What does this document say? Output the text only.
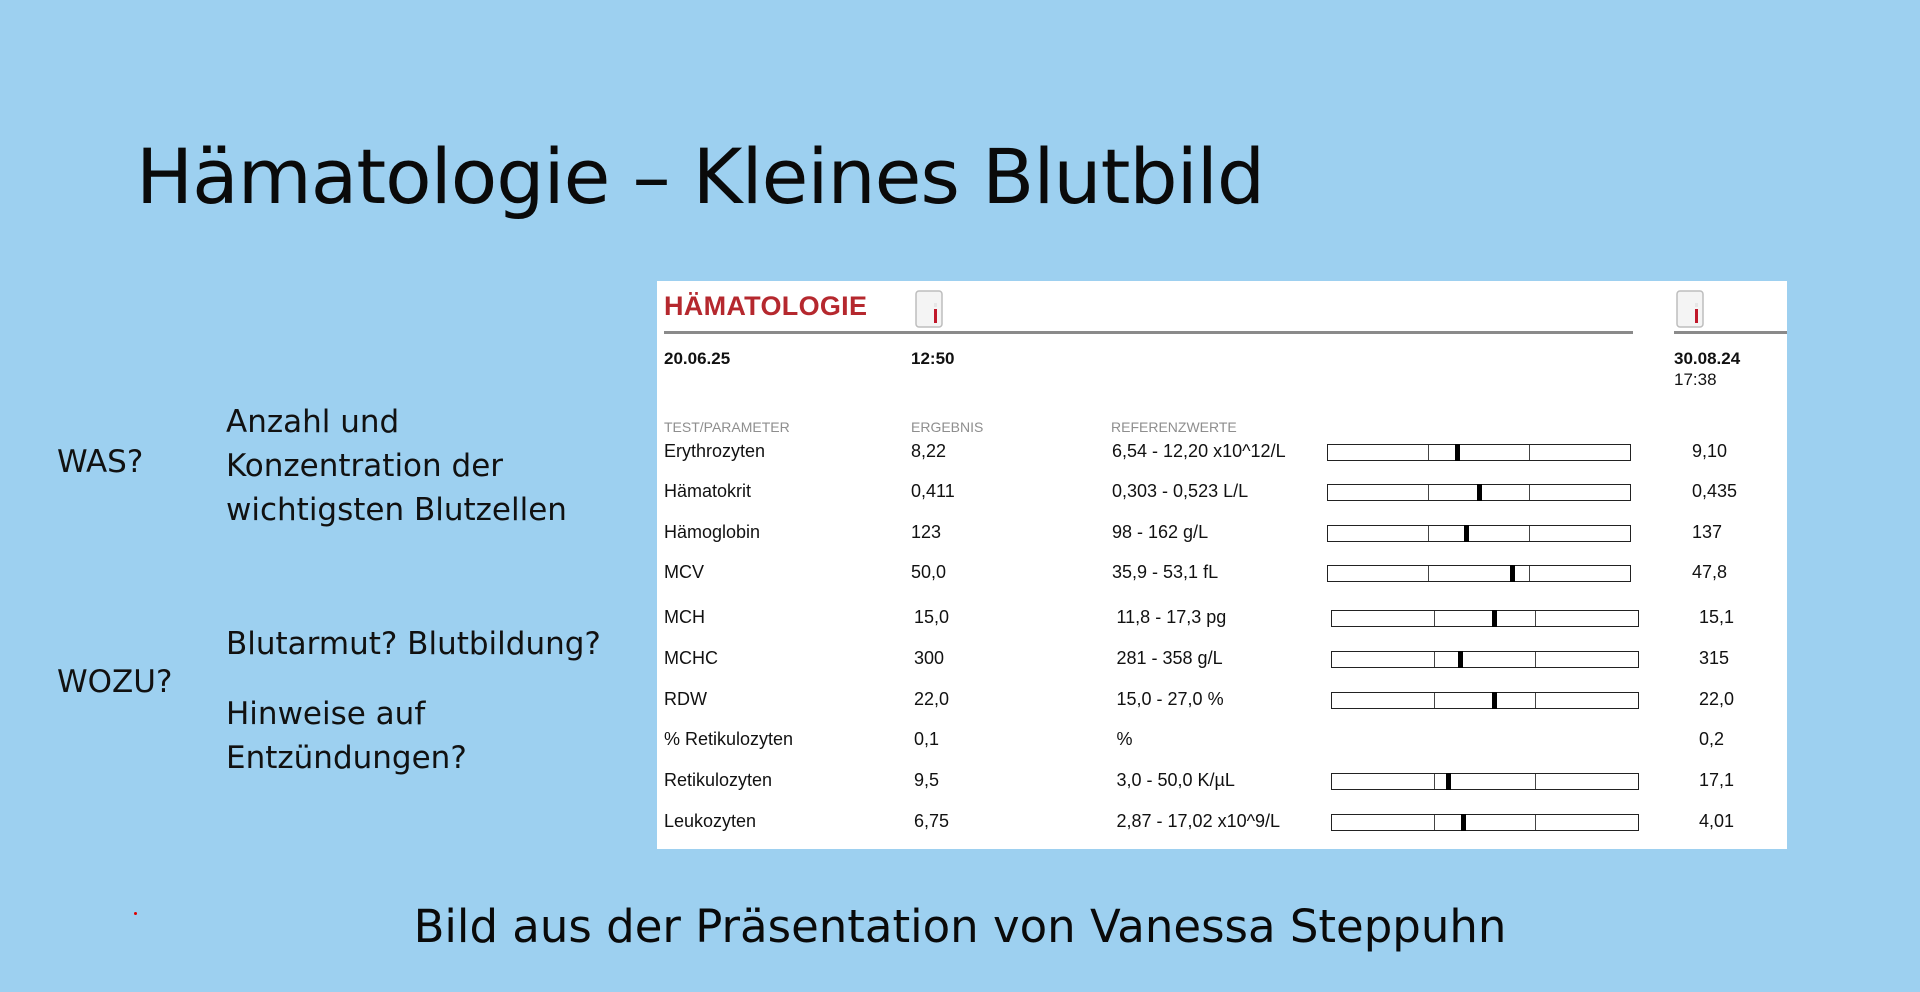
Hämatologie – Kleines Blutbild
WAS?
Anzahl und
Konzentration der
wichtigsten Blutzellen
WOZU?
Blutarmut? Blutbildung?
Hinweise auf
Entzündungen?
HÄMATOLOGIE
20.06.25	12:50	30.08.24
17:38
TEST/PARAMETER	ERGEBNIS	REFERENZWERTE
Erythrozyten	8,22	6,54 - 12,20 x10^12/L	9,10
Hämatokrit	0,411	0,303 - 0,523 L/L	0,435
Hämoglobin	123	98 - 162 g/L	137
MCV	50,0	35,9 - 53,1 fL	47,8
MCH	15,0	11,8 - 17,3 pg	15,1
MCHC	300	281 - 358 g/L	315
RDW	22,0	15,0 - 27,0 %	22,0
% Retikulozyten	0,1	%	0,2
Retikulozyten	9,5	3,0 - 50,0 K/µL	17,1
Leukozyten	6,75	2,87 - 17,02 x10^9/L	4,01
Bild aus der Präsentation von Vanessa Steppuhn
